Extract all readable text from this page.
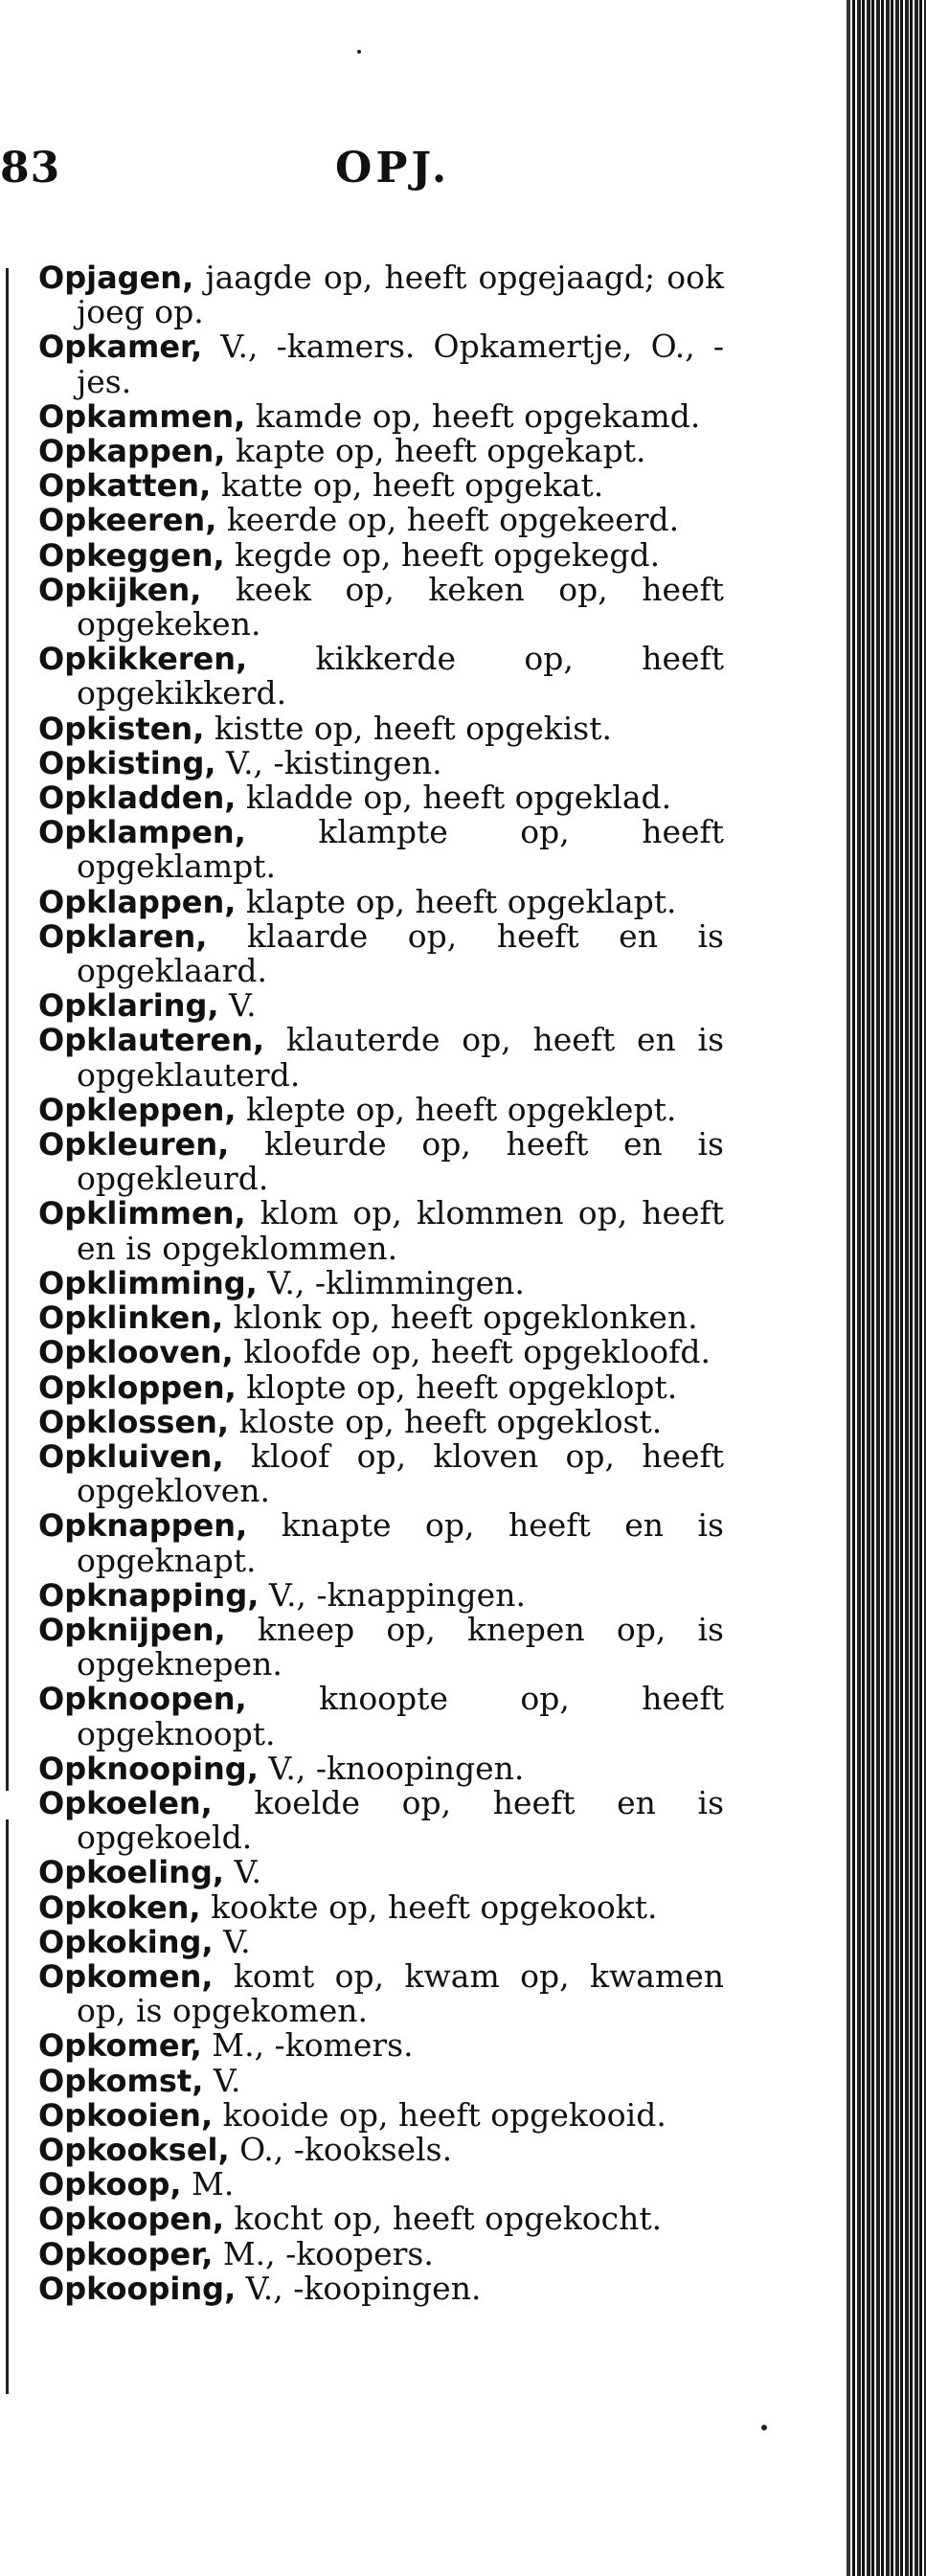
83	OPJ.

Opjagen, jaagde op, heeft opgejaagd; ook joeg op.

Opkamer, V., -kamers. Opkamertje, O., -jes.

Opkammen, kamde op, heeft opgekamd.

Opkappen, kapte op, heeft opgekapt.

Opkatten, katte op, heeft opgekat.

Opkeeren, keerde op, heeft opgekeerd.

Opkeggen, kegde op, heeft opgekegd.

Opkijken, keek op, keken op, heeft opgekeken.

Opkikkeren, kikkerde op, heeft opgekikkerd.

Opkisten, kistte op, heeft opgekist.

Opkisting, V., -kistingen.

Opkladden, kladde op, heeft opgeklad.

Opklampen, klampte op, heeft opgeklampt.

Opklappen, klapte op, heeft opgeklapt.

Opklaren, klaarde op, heeft en is opgeklaard.

Opklaring, V.

Opklauteren, klauterde op, heeft en is opgeklauterd.

Opkleppen, klepte op, heeft opgeklept.

Opkleuren, kleurde op, heeft en is opgekleurd.

Opklimmen, klom op, klommen op, heeft en is opgeklommen.

Opklimming, V., -klimmingen.

Opklinken, klonk op, heeft opgeklonken.

Opklooven, kloofde op, heeft opgekloofd.

Opkloppen, klopte op, heeft opgeklopt.

Opklossen, kloste op, heeft opgeklost.

Opkluiven, kloof op, kloven op, heeft opgekloven.

Opknappen, knapte op, heeft en is opgeknapt.

Opknapping, V., -knappingen.

Opknijpen, kneep op, knepen op, is opgeknepen.

Opknoopen, knoopte op, heeft opgeknoopt.

Opknooping, V., -knoopingen.

Opkoelen, koelde op, heeft en is opgekoeld.

Opkoeling, V.

Opkoken, kookte op, heeft opgekookt.

Opkoking, V.

Opkomen, komt op, kwam op, kwamen op, is opgekomen.

Opkomer, M., -komers.

Opkomst, V.

Opkooien, kooide op, heeft opgekooid.

Opkooksel, O., -kooksels.

Opkoop, M.

Opkoopen, kocht op, heeft opgekocht.

Opkooper, M., -koopers.

Opkooping, V., -koopingen.
